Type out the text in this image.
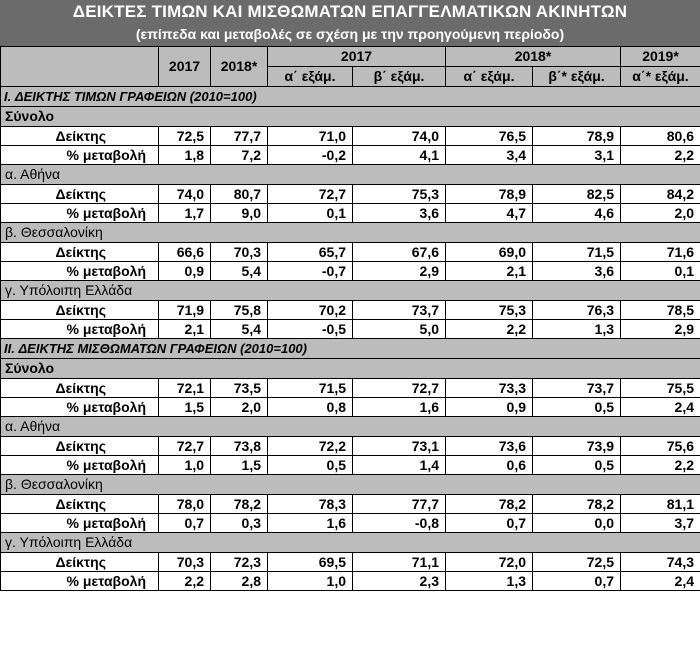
ΔΕΙΚΤΕΣ ΤΙΜΩΝ ΚΑΙ ΜΙΣΘΩΜΑΤΩΝ ΕΠΑΓΓΕΛΜΑΤΙΚΩΝ ΑΚΙΝΗΤΩΝ
(επίπεδα και μεταβολές σε σχέση με την προηγούμενη περίοδο)
	2017	2018*	2017		2018*		2019*
			α΄ εξάμ.	β΄ εξάμ.	α΄ εξάμ.	β΄* εξάμ.	α΄* εξάμ.
I. ΔΕΙΚΤΗΣ ΤΙΜΩΝ ΓΡΑΦΕΙΩΝ (2010=100)							
Σύνολο							
Δείκτης	72,5	77,7	71,0	74,0	76,5	78,9	80,6
% μεταβολή	1,8	7,2	-0,2	4,1	3,4	3,1	2,2
α. Αθήνα							
Δείκτης	74,0	80,7	72,7	75,3	78,9	82,5	84,2
% μεταβολή	1,7	9,0	0,1	3,6	4,7	4,6	2,0
β. Θεσσαλονίκη							
Δείκτης	66,6	70,3	65,7	67,6	69,0	71,5	71,6
% μεταβολή	0,9	5,4	-0,7	2,9	2,1	3,6	0,1
γ. Υπόλοιπη Ελλάδα							
Δείκτης	71,9	75,8	70,2	73,7	75,3	76,3	78,5
% μεταβολή	2,1	5,4	-0,5	5,0	2,2	1,3	2,9
II. ΔΕΙΚΤΗΣ ΜΙΣΘΩΜΑΤΩΝ ΓΡΑΦΕΙΩΝ (2010=100)							
Σύνολο							
Δείκτης	72,1	73,5	71,5	72,7	73,3	73,7	75,5
% μεταβολή	1,5	2,0	0,8	1,6	0,9	0,5	2,4
α. Αθήνα							
Δείκτης	72,7	73,8	72,2	73,1	73,6	73,9	75,6
% μεταβολή	1,0	1,5	0,5	1,4	0,6	0,5	2,2
β. Θεσσαλονίκη							
Δείκτης	78,0	78,2	78,3	77,7	78,2	78,2	81,1
% μεταβολή	0,7	0,3	1,6	-0,8	0,7	0,0	3,7
γ. Υπόλοιπη Ελλάδα							
Δείκτης	70,3	72,3	69,5	71,1	72,0	72,5	74,3
% μεταβολή	2,2	2,8	1,0	2,3	1,3	0,7	2,4
